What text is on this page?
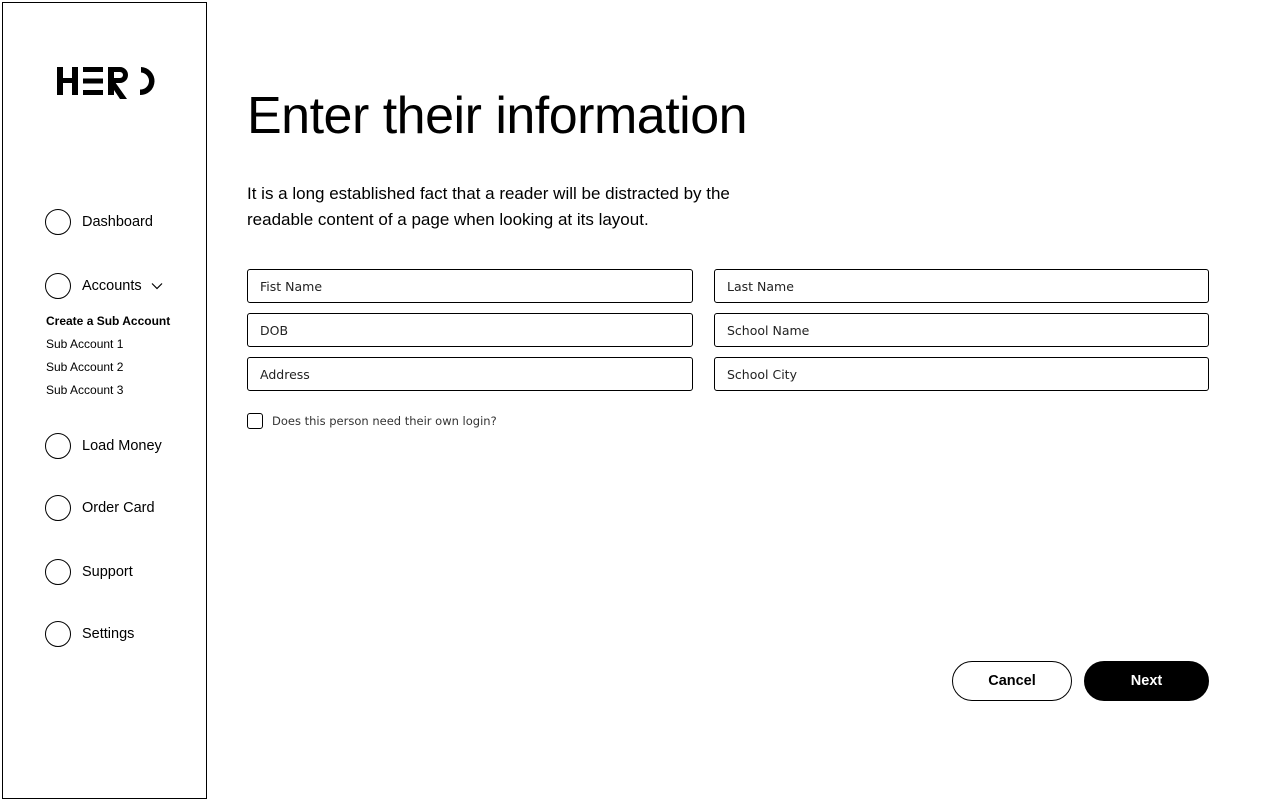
Dashboard
Accounts
Create a Sub Account
Sub Account 1
Sub Account 2
Sub Account 3
Load Money
Order Card
Support
Settings
Enter their information

It is a long established fact that a reader will be distracted by the readable content of a page when looking at its layout.

Fist Name
Last Name
DOB
School Name
Address
School City
Does this person need their own login?
Cancel	Next
